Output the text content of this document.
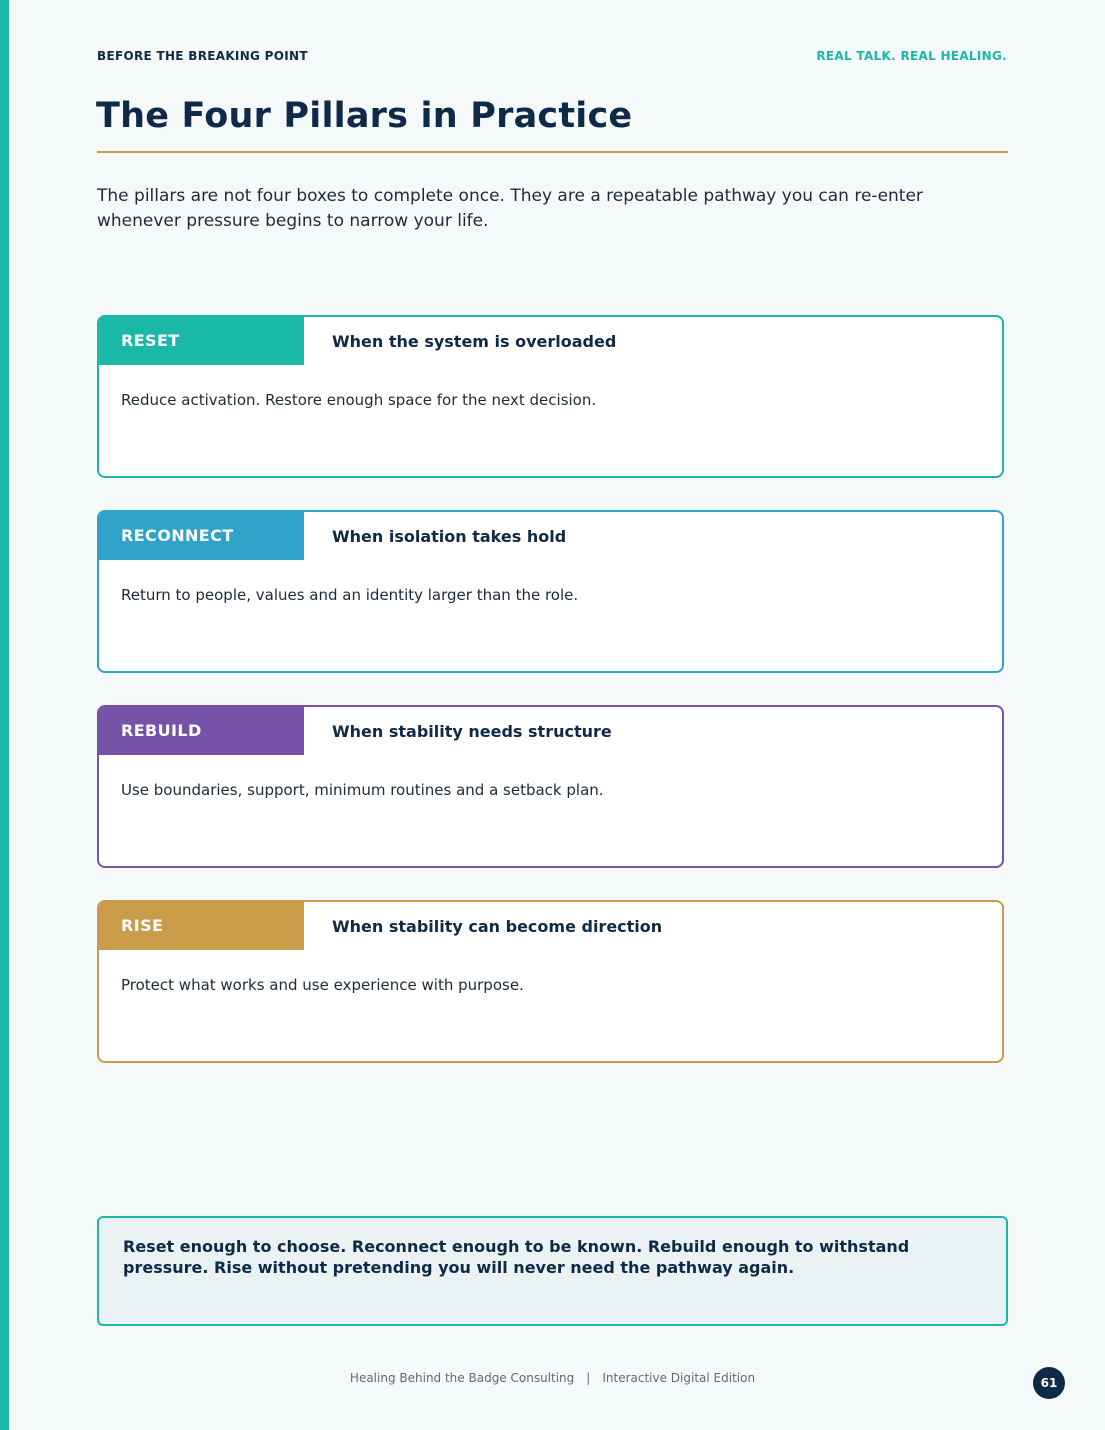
BEFORE THE BREAKING POINT	REAL TALK. REAL HEALING.
The Four Pillars in Practice

The pillars are not four boxes to complete once. They are a repeatable pathway you can re-enter whenever pressure begins to narrow your life.

RESET	When the system is overloaded
Reduce activation. Restore enough space for the next decision.
RECONNECT	When isolation takes hold
Return to people, values and an identity larger than the role.
REBUILD	When stability needs structure
Use boundaries, support, minimum routines and a setback plan.
RISE	When stability can become direction
Protect what works and use experience with purpose.

Reset enough to choose. Reconnect enough to be known. Rebuild enough to withstand pressure. Rise without pretending you will never need the pathway again.

Healing Behind the Badge Consulting | Interactive Digital Edition	61
